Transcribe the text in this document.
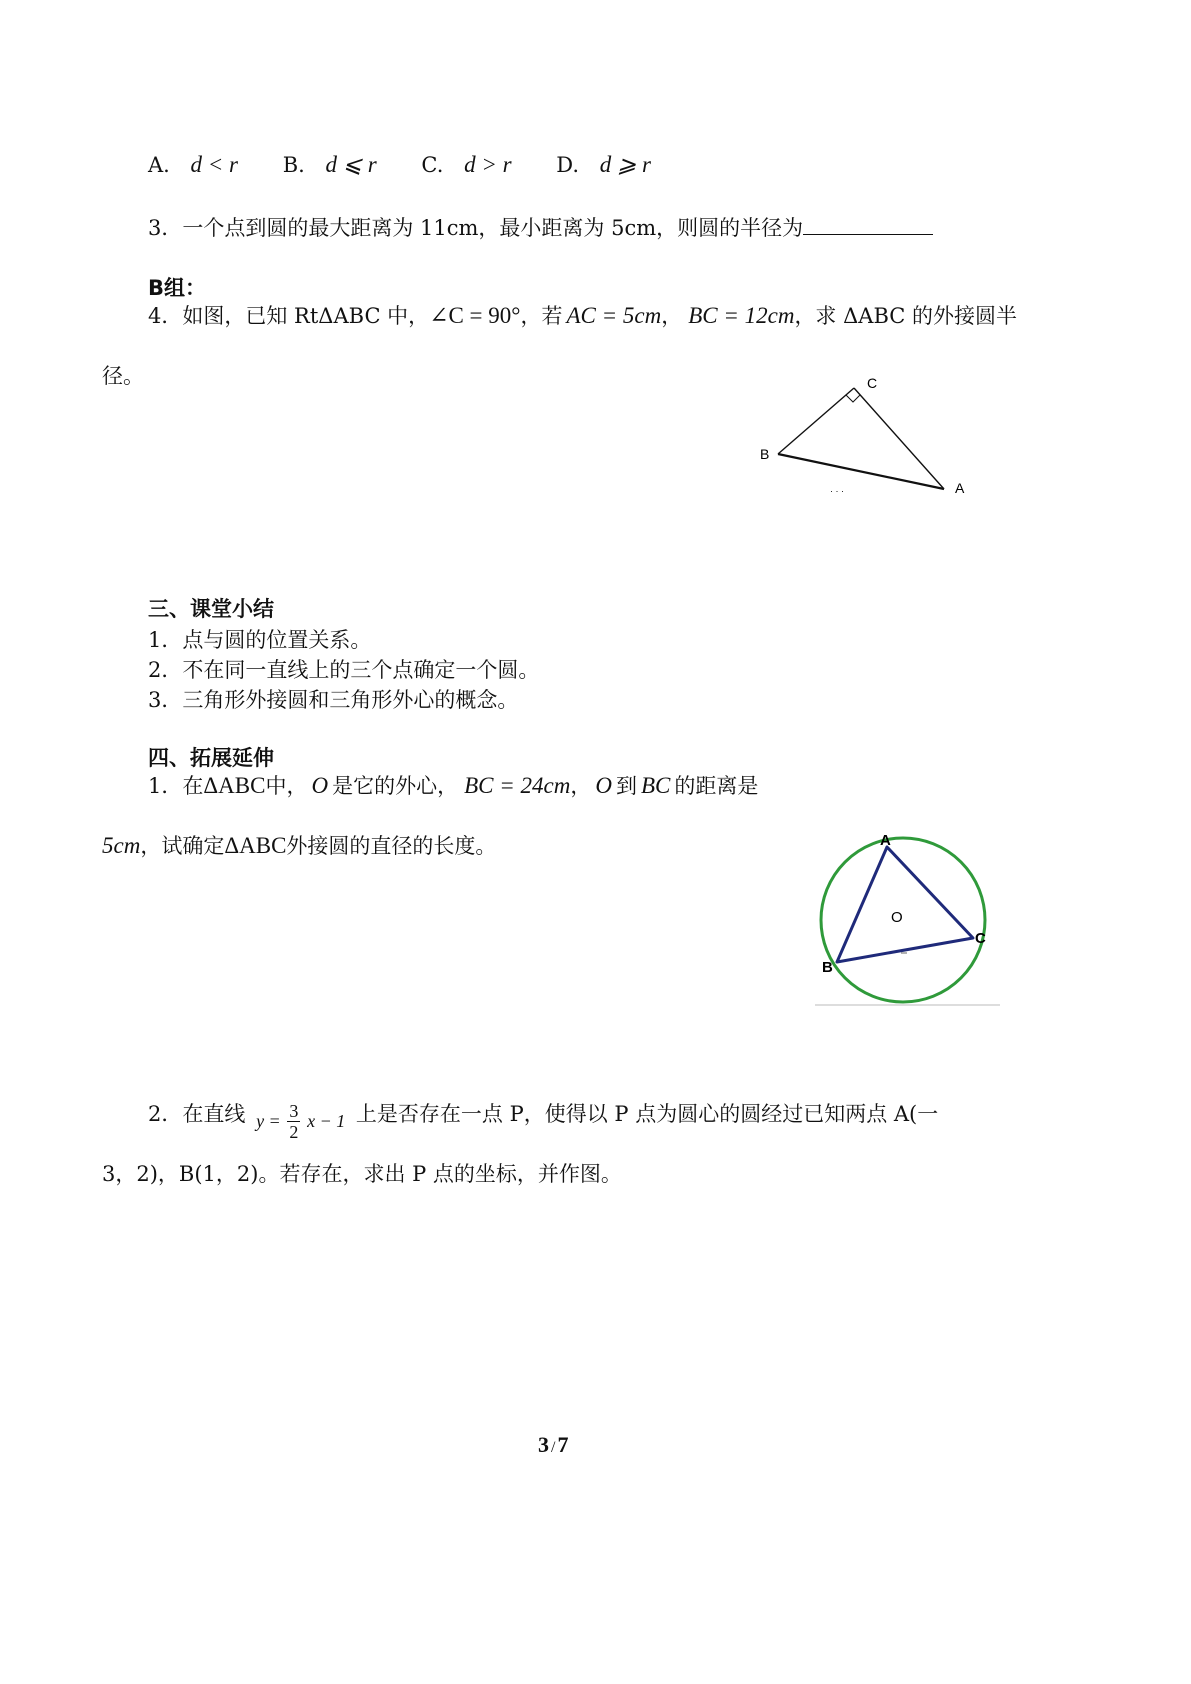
A. d < r B. d ⩽ r C. d > r D. d ⩾ r
3．一个点到圆的最大距离为 11cm，最小距离为 5cm，则圆的半径为
B组：
4．如图，已知 RtΔABC 中，∠C = 90°，若 AC = 5cm， BC = 12cm，求 ΔABC 的外接圆半
径。	C
B
A
· · ·
三、课堂小结
1．点与圆的位置关系。
2．不在同一直线上的三个点确定一个圆。
3．三角形外接圆和三角形外心的概念。
四、拓展延伸
1．在ΔABC中， O 是它的外心， BC = 24cm， O 到 BC 的距离是
5cm，试确定ΔABC外接圆的直径的长度。	A
B
C
O
2．在直线 $y = \frac{3}{2}$ x − 1 上是否存在一点 P，使得以 P 点为圆心的圆经过已知两点 A(一
3，2)，B(1，2)。若存在，求出 P 点的坐标，并作图。
3 /7
